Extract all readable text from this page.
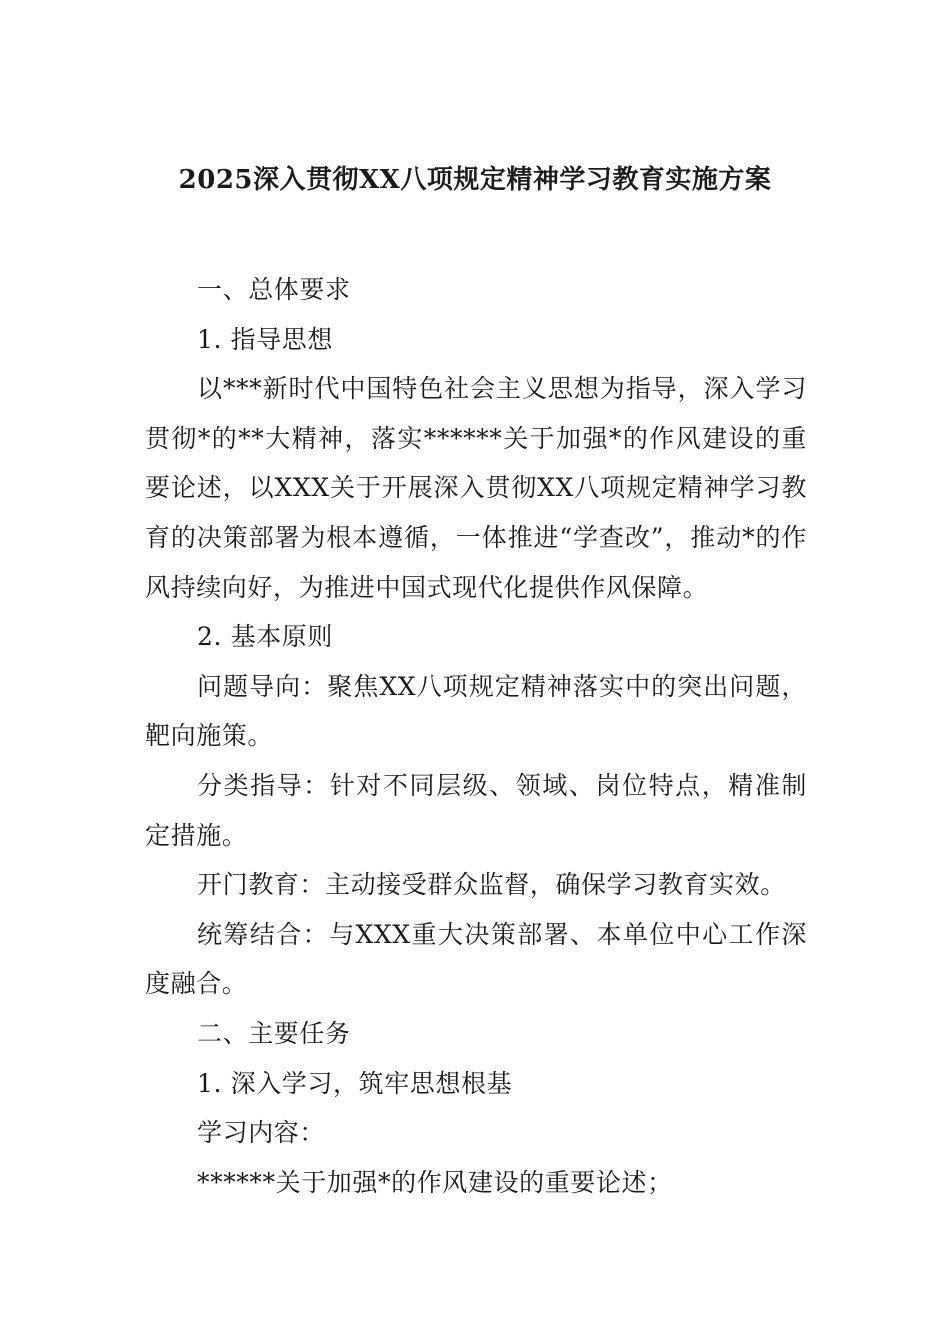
2025深入贯彻XX八项规定精神学习教育实施方案

一、总体要求

1. 指导思想

以***新时代中国特色社会主义思想为指导，深入学习贯彻*的**大精神，落实******关于加强*的作风建设的重要论述，以XXX关于开展深入贯彻XX八项规定精神学习教育的决策部署为根本遵循，一体推进“学查改”，推动*的作风持续向好，为推进中国式现代化提供作风保障。

2. 基本原则

问题导向：聚焦XX八项规定精神落实中的突出问题，靶向施策。

分类指导：针对不同层级、领域、岗位特点，精准制定措施。

开门教育：主动接受群众监督，确保学习教育实效。

统筹结合：与XXX重大决策部署、本单位中心工作深度融合。

二、主要任务

1. 深入学习，筑牢思想根基

学习内容：

******关于加强*的作风建设的重要论述；
